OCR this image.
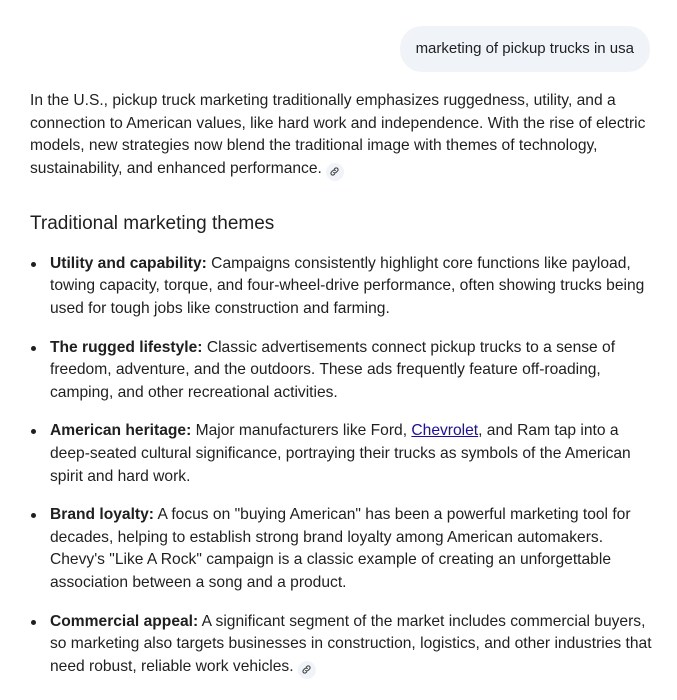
marketing of pickup trucks in usa

In the U.S., pickup truck marketing traditionally emphasizes ruggedness, utility, and a connection to American values, like hard work and independence. With the rise of electric models, new strategies now blend the traditional image with themes of technology, sustainability, and enhanced performance.

Traditional marketing themes
Utility and capability: Campaigns consistently highlight core functions like payload, towing capacity, torque, and four-wheel-drive performance, often showing trucks being used for tough jobs like construction and farming.
The rugged lifestyle: Classic advertisements connect pickup trucks to a sense of freedom, adventure, and the outdoors. These ads frequently feature off-roading, camping, and other recreational activities.
American heritage: Major manufacturers like Ford, Chevrolet, and Ram tap into a deep-seated cultural significance, portraying their trucks as symbols of the American spirit and hard work.
Brand loyalty: A focus on "buying American" has been a powerful marketing tool for decades, helping to establish strong brand loyalty among American automakers. Chevy's "Like A Rock" campaign is a classic example of creating an unforgettable association between a song and a product.
Commercial appeal: A significant segment of the market includes commercial buyers, so marketing also targets businesses in construction, logistics, and other industries that need robust, reliable work vehicles.
